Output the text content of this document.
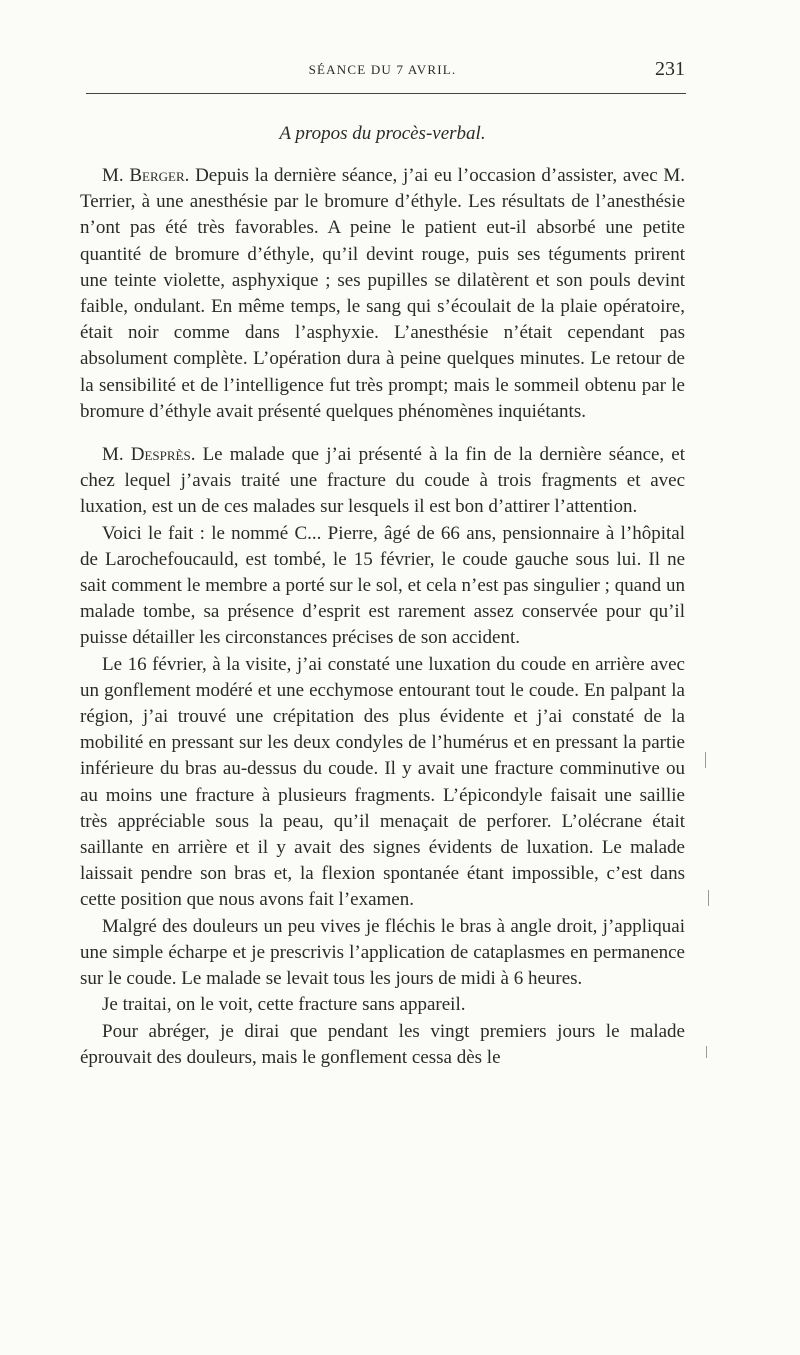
SÉANCE DU 7 AVRIL.	231
A propos du procès-verbal.

M. Berger. Depuis la dernière séance, j’ai eu l’occasion d’assister, avec M. Terrier, à une anesthésie par le bromure d’éthyle. Les résultats de l’anesthésie n’ont pas été très favorables. A peine le patient eut-il absorbé une petite quantité de bromure d’éthyle, qu’il devint rouge, puis ses téguments prirent une teinte violette, asphyxique ; ses pupilles se dilatèrent et son pouls devint faible, ondulant. En même temps, le sang qui s’écoulait de la plaie opératoire, était noir comme dans l’asphyxie. L’anesthésie n’était cependant pas absolument complète. L’opération dura à peine quelques minutes. Le retour de la sensibilité et de l’intelligence fut très prompt; mais le sommeil obtenu par le bromure d’éthyle avait présenté quelques phénomènes inquiétants.

M. Desprès. Le malade que j’ai présenté à la fin de la dernière séance, et chez lequel j’avais traité une fracture du coude à trois fragments et avec luxation, est un de ces malades sur lesquels il est bon d’attirer l’attention.

Voici le fait : le nommé C... Pierre, âgé de 66 ans, pensionnaire à l’hôpital de Larochefoucauld, est tombé, le 15 février, le coude gauche sous lui. Il ne sait comment le membre a porté sur le sol, et cela n’est pas singulier ; quand un malade tombe, sa présence d’esprit est rarement assez conservée pour qu’il puisse détailler les circonstances précises de son accident.

Le 16 février, à la visite, j’ai constaté une luxation du coude en arrière avec un gonflement modéré et une ecchymose entourant tout le coude. En palpant la région, j’ai trouvé une crépitation des plus évidente et j’ai constaté de la mobilité en pressant sur les deux condyles de l’humérus et en pressant la partie inférieure du bras au-dessus du coude. Il y avait une fracture comminutive ou au moins une fracture à plusieurs fragments. L’épicondyle faisait une saillie très appréciable sous la peau, qu’il menaçait de perforer. L’olécrane était saillante en arrière et il y avait des signes évidents de luxation. Le malade laissait pendre son bras et, la flexion spontanée étant impossible, c’est dans cette position que nous avons fait l’examen.

Malgré des douleurs un peu vives je fléchis le bras à angle droit, j’appliquai une simple écharpe et je prescrivis l’application de cataplasmes en permanence sur le coude. Le malade se levait tous les jours de midi à 6 heures.

Je traitai, on le voit, cette fracture sans appareil.

Pour abréger, je dirai que pendant les vingt premiers jours le malade éprouvait des douleurs, mais le gonflement cessa dès le
